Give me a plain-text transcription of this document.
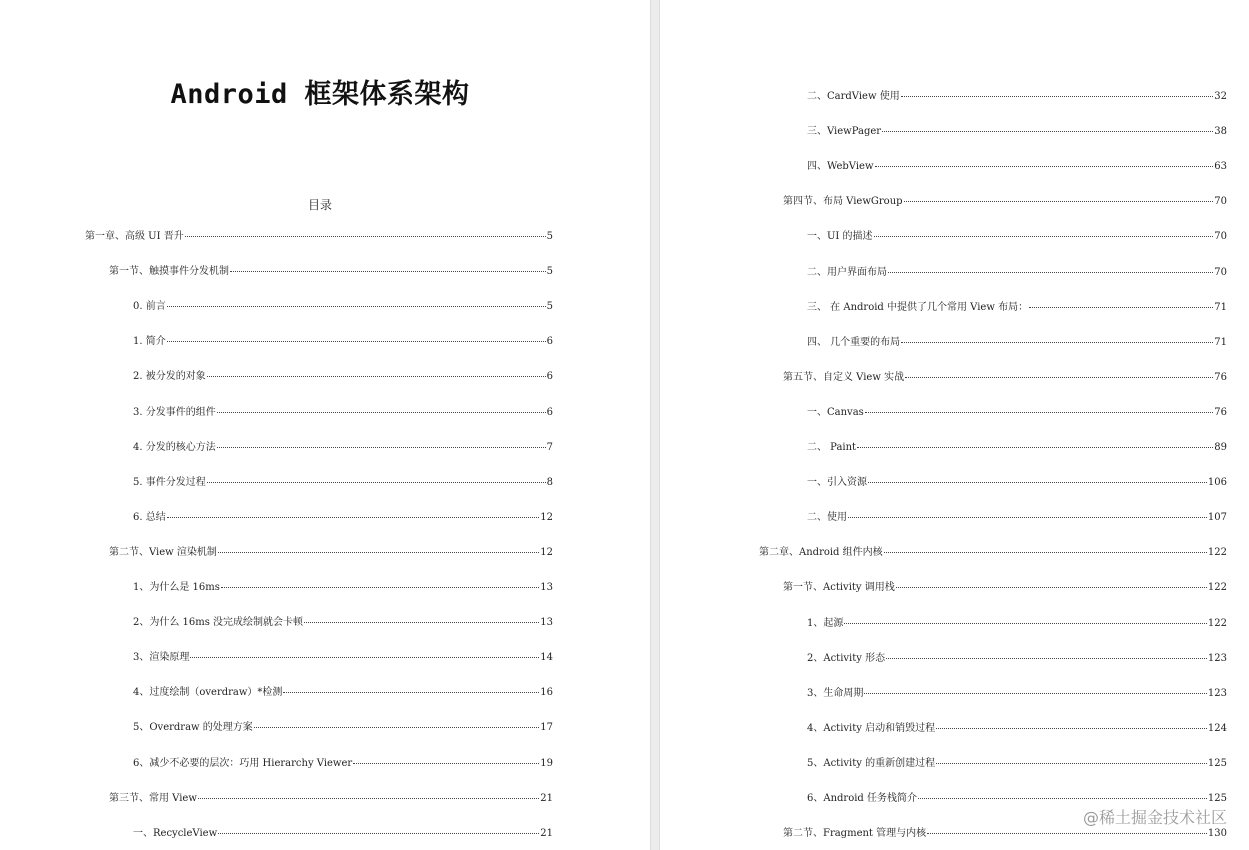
Android 框架体系架构
目录
第一章、高级 UI 晋升	5
第一节、触摸事件分发机制	5
0. 前言	5
1. 简介	6
2. 被分发的对象	6
3. 分发事件的组件	6
4. 分发的核心方法	7
5. 事件分发过程	8
6. 总结	12
第二节、View 渲染机制	12
1、为什么是 16ms	13
2、为什么 16ms 没完成绘制就会卡顿	13
3、渲染原理	14
4、过度绘制（overdraw）*检测	16
5、Overdraw 的处理方案	17
6、减少不必要的层次：巧用 Hierarchy Viewer	19
第三节、常用 View	21
一、RecycleView	21
二、CardView 使用	32
三、ViewPager	38
四、WebView	63
第四节、布局 ViewGroup	70
一、UI 的描述	70
二、用户界面布局	70
三、 在 Android 中提供了几个常用 View 布局：	71
四、 几个重要的布局	71
第五节、自定义 View 实战	76
一、Canvas	76
二、 Paint	89
一、引入资源	106
二、使用	107
第二章、Android 组件内核	122
第一节、Activity 调用栈	122
1、起源	122
2、Activity 形态	123
3、生命周期	123
4、Activity 启动和销毁过程	124
5、Activity 的重新创建过程	125
6、Android 任务栈简介	125
第二节、Fragment 管理与内核	130
@稀土掘金技术社区
